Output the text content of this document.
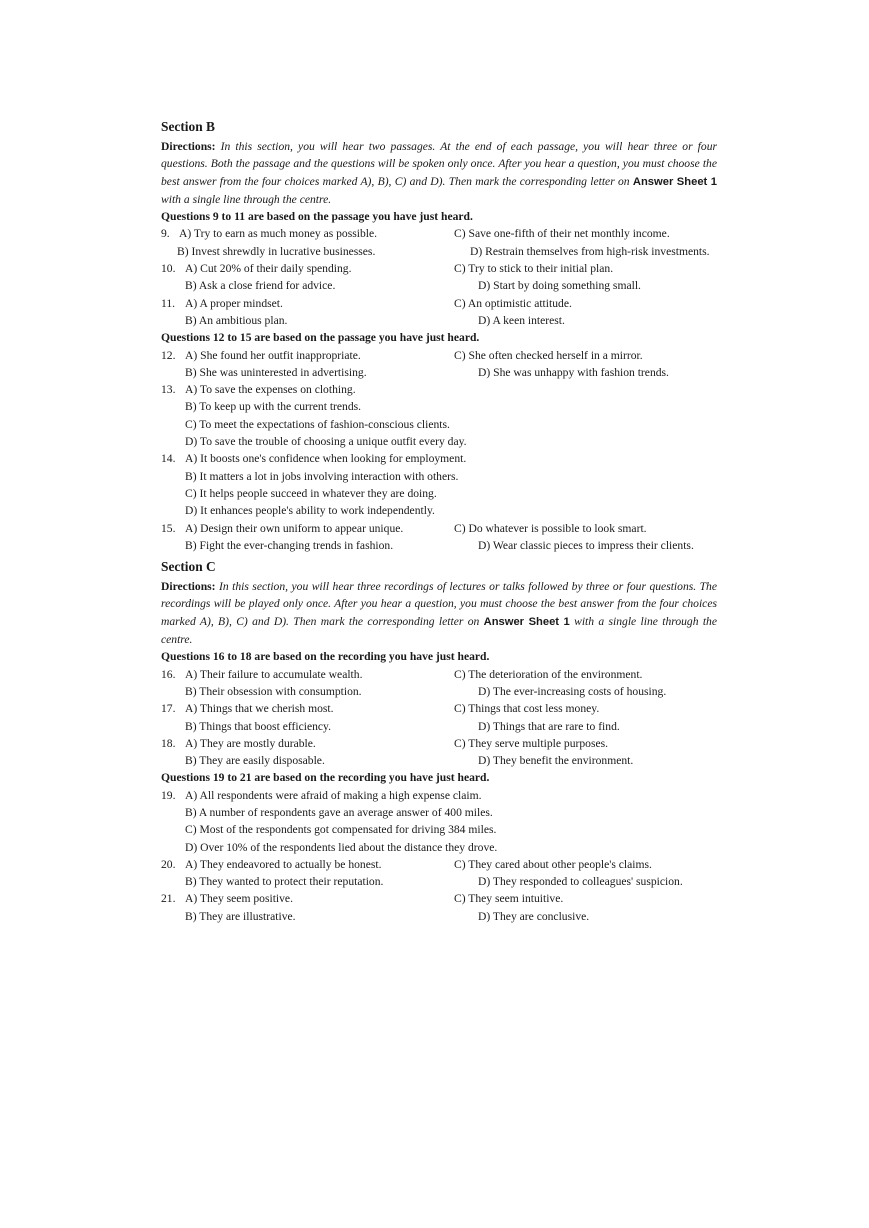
Section B

Directions: In this section, you will hear two passages. At the end of each passage, you will hear three or four questions. Both the passage and the questions will be spoken only once. After you hear a question, you must choose the best answer from the four choices marked A), B), C) and D). Then mark the corresponding letter on Answer Sheet 1 with a single line through the centre.

Questions 9 to 11 are based on the passage you have just heard.

9. A) Try to earn as much money as possible.	C) Save one-fifth of their net monthly income.
B) Invest shrewdly in lucrative businesses.	D) Restrain themselves from high-risk investments.
10. A) Cut 20% of their daily spending.	C) Try to stick to their initial plan.
B) Ask a close friend for advice.	D) Start by doing something small.
11. A) A proper mindset.	C) An optimistic attitude.
B) An ambitious plan.	D) A keen interest.

Questions 12 to 15 are based on the passage you have just heard.

12. A) She found her outfit inappropriate.	C) She often checked herself in a mirror.
B) She was uninterested in advertising.	D) She was unhappy with fashion trends.
13. A) To save the expenses on clothing.
B) To keep up with the current trends.
C) To meet the expectations of fashion-conscious clients.
D) To save the trouble of choosing a unique outfit every day.
14. A) It boosts one's confidence when looking for employment.
B) It matters a lot in jobs involving interaction with others.
C) It helps people succeed in whatever they are doing.
D) It enhances people's ability to work independently.
15. A) Design their own uniform to appear unique.	C) Do whatever is possible to look smart.
B) Fight the ever-changing trends in fashion.	D) Wear classic pieces to impress their clients.
Section C

Directions: In this section, you will hear three recordings of lectures or talks followed by three or four questions. The recordings will be played only once. After you hear a question, you must choose the best answer from the four choices marked A), B), C) and D). Then mark the corresponding letter on Answer Sheet 1 with a single line through the centre.

Questions 16 to 18 are based on the recording you have just heard.

16. A) Their failure to accumulate wealth.	C) The deterioration of the environment.
B) Their obsession with consumption.	D) The ever-increasing costs of housing.
17. A) Things that we cherish most.	C) Things that cost less money.
B) Things that boost efficiency.	D) Things that are rare to find.
18. A) They are mostly durable.	C) They serve multiple purposes.
B) They are easily disposable.	D) They benefit the environment.

Questions 19 to 21 are based on the recording you have just heard.

19. A) All respondents were afraid of making a high expense claim.
B) A number of respondents gave an average answer of 400 miles.
C) Most of the respondents got compensated for driving 384 miles.
D) Over 10% of the respondents lied about the distance they drove.
20. A) They endeavored to actually be honest.	C) They cared about other people's claims.
B) They wanted to protect their reputation.	D) They responded to colleagues' suspicion.
21. A) They seem positive.	C) They seem intuitive.
B) They are illustrative.	D) They are conclusive.
